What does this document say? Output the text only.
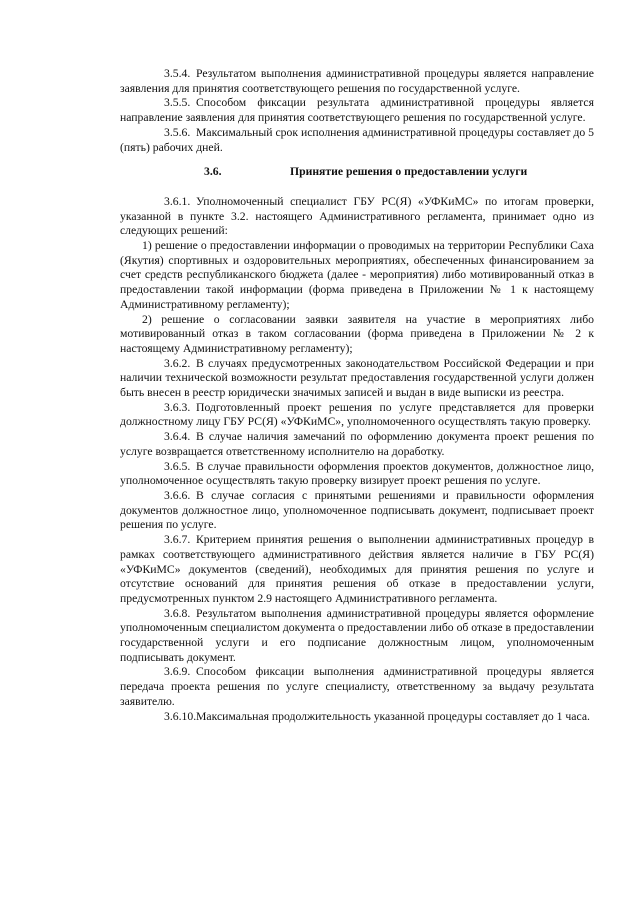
3.5.4. Результатом выполнения административной процедуры является направление заявления для принятия соответствующего решения по государственной услуге.

3.5.5. Способом фиксации результата административной процедуры является направление заявления для принятия соответствующего решения по государственной услуге.

3.5.6. Максимальный срок исполнения административной процедуры составляет до 5 (пять) рабочих дней.

3.6.	Принятие решения о предоставлении услуги

3.6.1. Уполномоченный специалист ГБУ РС(Я) «УФКиМС» по итогам проверки, указанной в пункте 3.2. настоящего Административного регламента, принимает одно из следующих решений:

1) решение о предоставлении информации о проводимых на территории Республики Саха (Якутия) спортивных и оздоровительных мероприятиях, обеспеченных финансированием за счет средств республиканского бюджета (далее - мероприятия) либо мотивированный отказ в предоставлении такой информации (форма приведена в Приложении № 1 к настоящему Административному регламенту);

2) решение о согласовании заявки заявителя на участие в мероприятиях либо мотивированный отказ в таком согласовании (форма приведена в Приложении № 2 к настоящему Административному регламенту);

3.6.2. В случаях предусмотренных законодательством Российской Федерации и при наличии технической возможности результат предоставления государственной услуги должен быть внесен в реестр юридически значимых записей и выдан в виде выписки из реестра.

3.6.3. Подготовленный проект решения по услуге представляется для проверки должностному лицу ГБУ РС(Я) «УФКиМС», уполномоченного осуществлять такую проверку.

3.6.4. В случае наличия замечаний по оформлению документа проект решения по услуге возвращается ответственному исполнителю на доработку.

3.6.5. В случае правильности оформления проектов документов, должностное лицо, уполномоченное осуществлять такую проверку визирует проект решения по услуге.

3.6.6. В случае согласия с принятыми решениями и правильности оформления документов должностное лицо, уполномоченное подписывать документ, подписывает проект решения по услуге.

3.6.7. Критерием принятия решения о выполнении административных процедур в рамках соответствующего административного действия является наличие в ГБУ РС(Я) «УФКиМС» документов (сведений), необходимых для принятия решения по услуге и отсутствие оснований для принятия решения об отказе в предоставлении услуги, предусмотренных пунктом 2.9 настоящего Административного регламента.

3.6.8. Результатом выполнения административной процедуры является оформление уполномоченным специалистом документа о предоставлении либо об отказе в предоставлении государственной услуги и его подписание должностным лицом, уполномоченным подписывать документ.

3.6.9. Способом фиксации выполнения административной процедуры является передача проекта решения по услуге специалисту, ответственному за выдачу результата заявителю.

3.6.10.Максимальная продолжительность указанной процедуры составляет до 1 часа.
